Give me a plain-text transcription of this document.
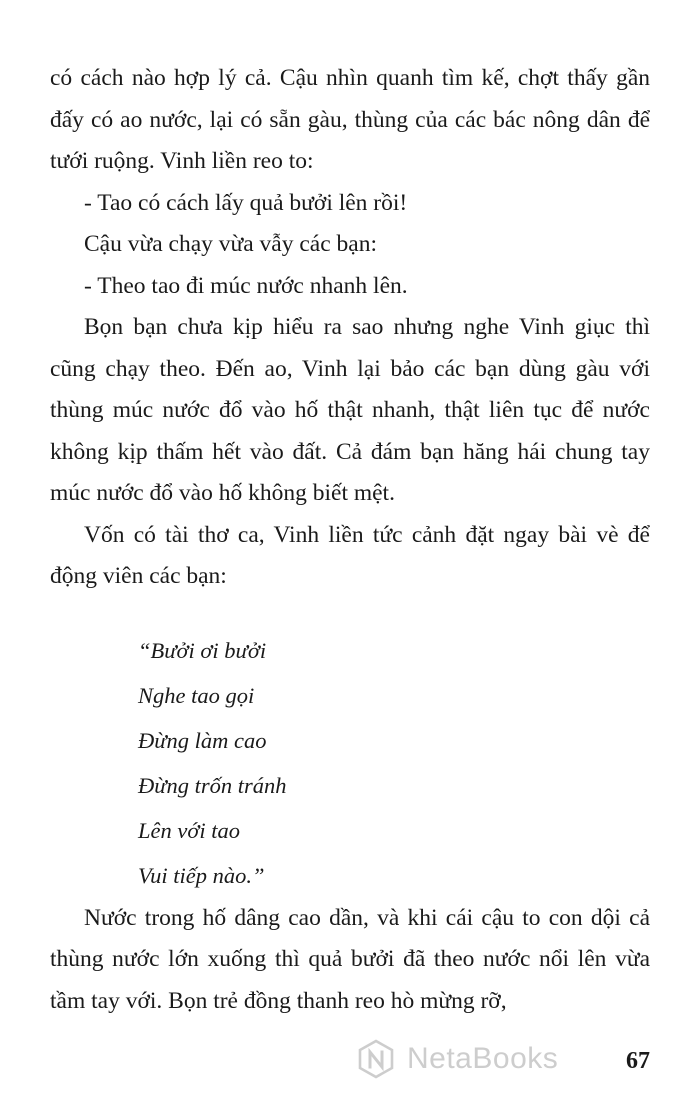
có cách nào hợp lý cả. Cậu nhìn quanh tìm kế, chợt thấy gần đấy có ao nước, lại có sẵn gàu, thùng của các bác nông dân để tưới ruộng. Vinh liền reo to:

- Tao có cách lấy quả bưởi lên rồi!

Cậu vừa chạy vừa vẫy các bạn:

- Theo tao đi múc nước nhanh lên.

Bọn bạn chưa kịp hiểu ra sao nhưng nghe Vinh giục thì cũng chạy theo. Đến ao, Vinh lại bảo các bạn dùng gàu với thùng múc nước đổ vào hố thật nhanh, thật liên tục để nước không kịp thấm hết vào đất. Cả đám bạn hăng hái chung tay múc nước đổ vào hố không biết mệt.

Vốn có tài thơ ca, Vinh liền tức cảnh đặt ngay bài vè để động viên các bạn:

“Bưởi ơi bưởi
Nghe tao gọi
Đừng làm cao
Đừng trốn tránh
Lên với tao
Vui tiếp nào.”

Nước trong hố dâng cao dần, và khi cái cậu to con dội cả thùng nước lớn xuống thì quả bưởi đã theo nước nổi lên vừa tầm tay với. Bọn trẻ đồng thanh reo hò mừng rỡ,

NetaBooks	67
